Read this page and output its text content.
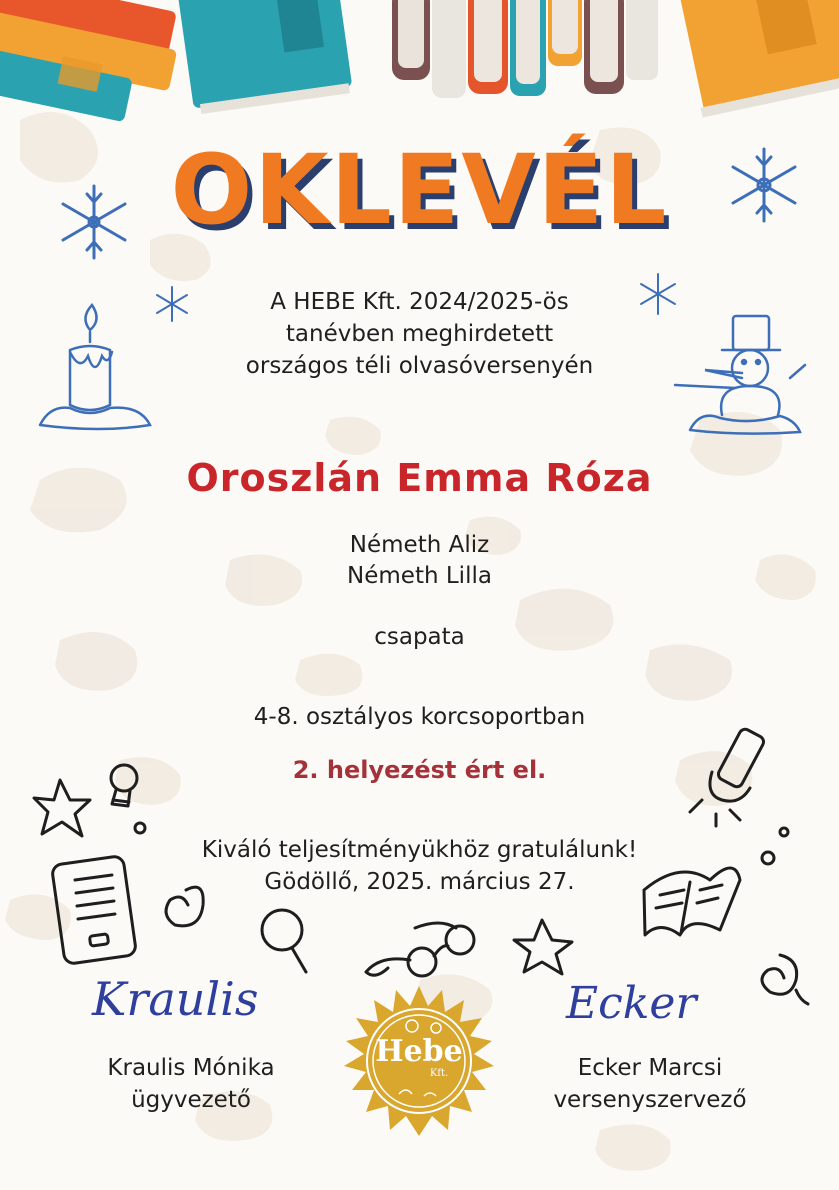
OKLEVÉL
A HEBE Kft. 2024/2025-ös
tanévben meghirdetett
országos téli olvasóversenyén
Oroszlán Emma Róza
Németh Aliz
Németh Lilla
csapata
4-8. osztályos korcsoportban
2. helyezést ért el.
Kiváló teljesítményükhöz gratulálunk!
Gödöllő, 2025. március 27.
Kraulis	Ecker
Kraulis Mónika
ügyvezető
Ecker Marcsi
versenyszervező
Hebe
Kft.
